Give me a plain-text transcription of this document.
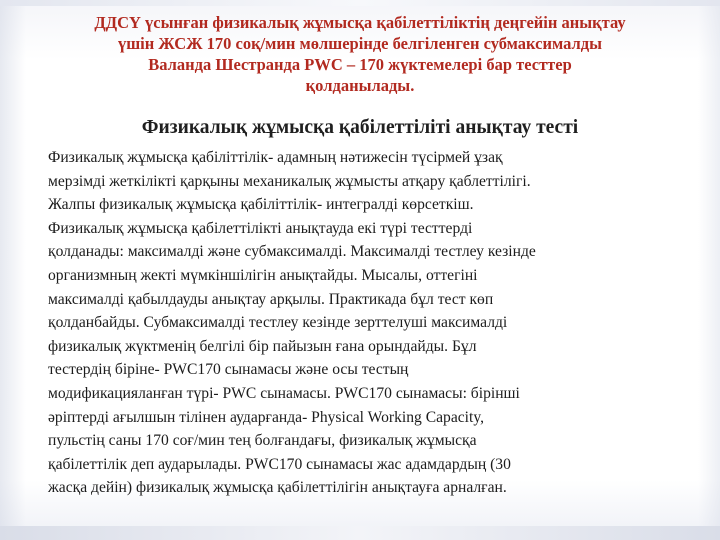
ДДСҮ үсынған физикалық жұмысқа қабілеттіліктің деңгейін анықтау
үшін ЖСЖ 170 соқ/мин мөлшерінде белгіленген субмаксималды
Валанда Шестранда PWC – 170 жүктемелері бар тесттер
қолданылады.
Физикалық жұмысқа қабілеттіліті анықтау тесті
Физикалық жұмысқа қабіліттілік- адамның нәтижесін түсірмей ұзақ
мерзімді жеткілікті қарқыны механикалық жұмысты атқару қаблеттілігі.
Жалпы физикалық жұмысқа қабіліттілік- интегралді көрсеткіш.
Физикалық жұмысқа қабілеттілікті анықтауда екі түрі тесттерді
қолданады: максималді және субмаксималді. Максималді тестлеу кезінде
организмның жекті мүмкіншілігін анықтайды. Мысалы, оттегіні
максималді қабылдауды анықтау арқылы. Практикада бұл тест көп
қолданбайды. Субмаксималді тестлеу кезінде зерттелуші максималді
физикалық жүктменің белгілі бір пайызын ғана орындайды. Бұл
тестердің біріне- PWC170 сынамасы және осы тестың
модификацияланған түрі- PWC сынамасы. PWC170 сынамасы: бірінші
әріптерді ағылшын тілінен аударғанда- Physical Working Capacity,
пульстің саны 170 соғ/мин тең болғандағы, физикалық жұмысқа
қабілеттілік деп аударылады. PWC170 сынамасы жас адамдардың (30
жасқа дейін) физикалық жұмысқа қабілеттілігін анықтауға арналған.
